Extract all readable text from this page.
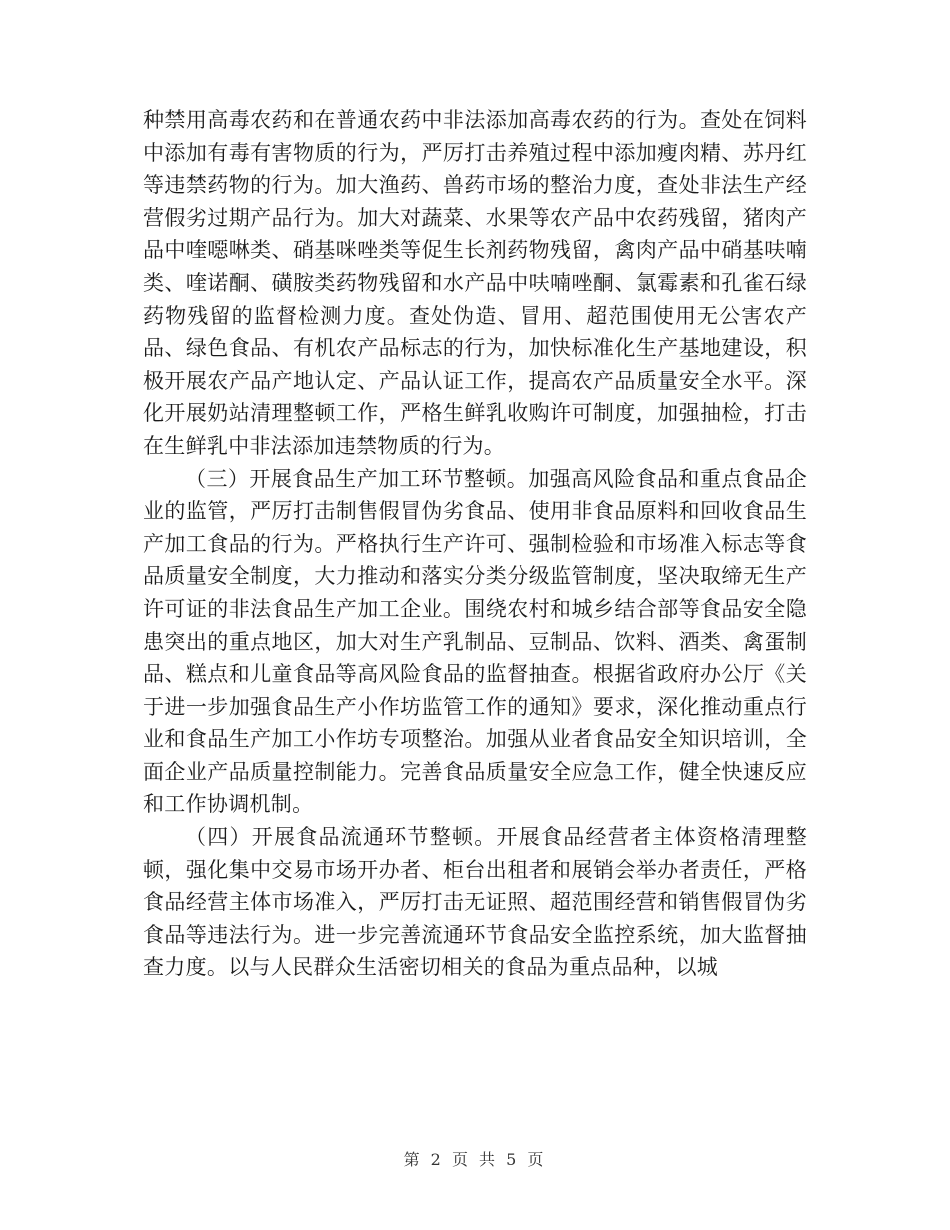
种禁用高毒农药和在普通农药中非法添加高毒农药的行为。查处在饲料中添加有毒有害物质的行为，严厉打击养殖过程中添加瘦肉精、苏丹红等违禁药物的行为。加大渔药、兽药市场的整治力度，查处非法生产经营假劣过期产品行为。加大对蔬菜、水果等农产品中农药残留，猪肉产品中喹噁啉类、硝基咪唑类等促生长剂药物残留，禽肉产品中硝基呋喃类、喹诺酮、磺胺类药物残留和水产品中呋喃唑酮、氯霉素和孔雀石绿药物残留的监督检测力度。查处伪造、冒用、超范围使用无公害农产品、绿色食品、有机农产品标志的行为，加快标准化生产基地建设，积极开展农产品产地认定、产品认证工作，提高农产品质量安全水平。深化开展奶站清理整顿工作，严格生鲜乳收购许可制度，加强抽检，打击在生鲜乳中非法添加违禁物质的行为。

（三）开展食品生产加工环节整顿。加强高风险食品和重点食品企业的监管，严厉打击制售假冒伪劣食品、使用非食品原料和回收食品生产加工食品的行为。严格执行生产许可、强制检验和市场准入标志等食品质量安全制度，大力推动和落实分类分级监管制度，坚决取缔无生产许可证的非法食品生产加工企业。围绕农村和城乡结合部等食品安全隐患突出的重点地区，加大对生产乳制品、豆制品、饮料、酒类、禽蛋制品、糕点和儿童食品等高风险食品的监督抽查。根据省政府办公厅《关于进一步加强食品生产小作坊监管工作的通知》要求，深化推动重点行业和食品生产加工小作坊专项整治。加强从业者食品安全知识培训，全面企业产品质量控制能力。完善食品质量安全应急工作，健全快速反应和工作协调机制。

（四）开展食品流通环节整顿。开展食品经营者主体资格清理整顿，强化集中交易市场开办者、柜台出租者和展销会举办者责任，严格食品经营主体市场准入，严厉打击无证照、超范围经营和销售假冒伪劣食品等违法行为。进一步完善流通环节食品安全监控系统，加大监督抽查力度。以与人民群众生活密切相关的食品为重点品种，以城

第 2 页 共 5 页
